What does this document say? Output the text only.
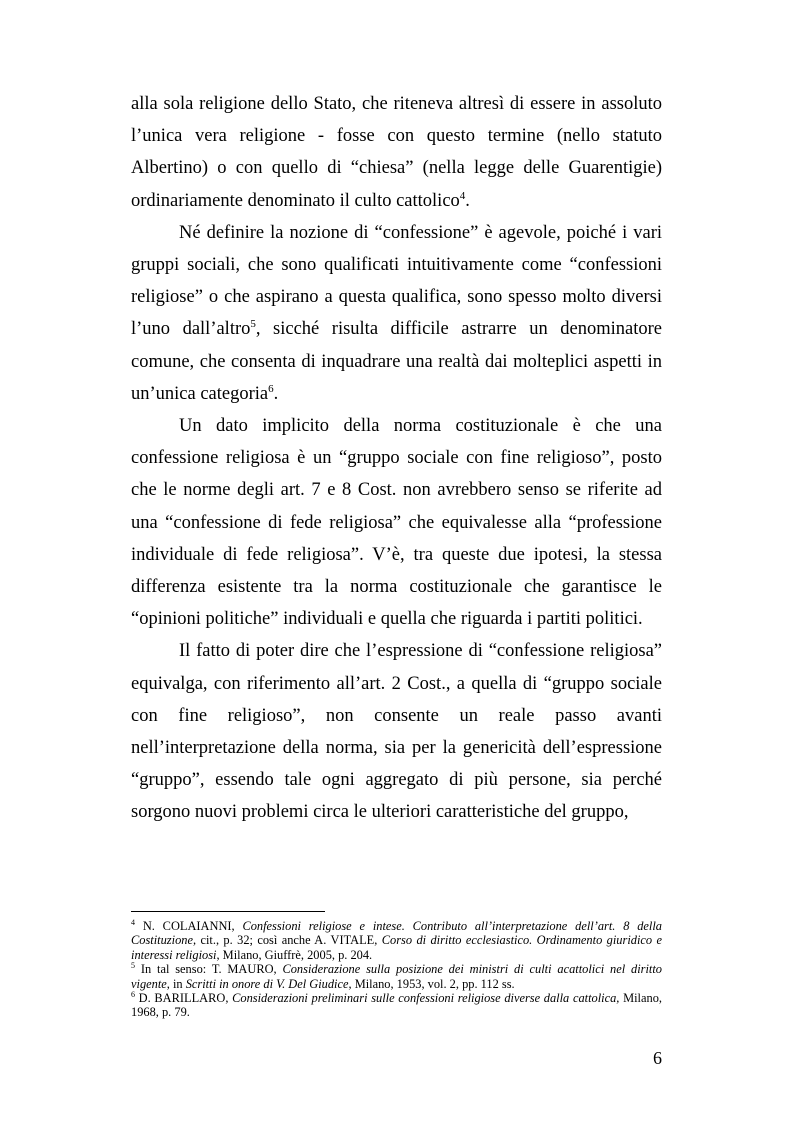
alla sola religione dello Stato, che riteneva altresì di essere in assoluto l’unica vera religione - fosse con questo termine (nello statuto Albertino) o con quello di “chiesa” (nella legge delle Guarentigie) ordinariamente denominato il culto cattolico$^4$.

Né definire la nozione di “confessione” è agevole, poiché i vari gruppi sociali, che sono qualificati intuitivamente come “confessioni religiose” o che aspirano a questa qualifica, sono spesso molto diversi l’uno dall’altro$^5$, sicché risulta difficile astrarre un denominatore comune, che consenta di inquadrare una realtà dai molteplici aspetti in un’unica categoria$^6$.

Un dato implicito della norma costituzionale è che una confessione religiosa è un “gruppo sociale con fine religioso”, posto che le norme degli art. 7 e 8 Cost. non avrebbero senso se riferite ad una “confessione di fede religiosa” che equivalesse alla “professione individuale di fede religiosa”. V’è, tra queste due ipotesi, la stessa differenza esistente tra la norma costituzionale che garantisce le “opinioni politiche” individuali e quella che riguarda i partiti politici.

Il fatto di poter dire che l’espressione di “confessione religiosa” equivalga, con riferimento all’art. 2 Cost., a quella di “gruppo sociale con fine religioso”, non consente un reale passo avanti nell’interpretazione della norma, sia per la genericità dell’espressione “gruppo”, essendo tale ogni aggregato di più persone, sia perché sorgono nuovi problemi circa le ulteriori caratteristiche del gruppo,

$^4$ N. COLAIANNI, Confessioni religiose e intese. Contributo all’interpretazione dell’art. 8 della Costituzione, cit., p. 32; così anche A. VITALE, Corso di diritto ecclesiastico. Ordinamento giuridico e interessi religiosi, Milano, Giuffrè, 2005, p. 204.

$^5$ In tal senso: T. MAURO, Considerazione sulla posizione dei ministri di culti acattolici nel diritto vigente, in Scritti in onore di V. Del Giudice, Milano, 1953, vol. 2, pp. 112 ss.

$^6$ D. BARILLARO, Considerazioni preliminari sulle confessioni religiose diverse dalla cattolica, Milano, 1968, p. 79.

6
